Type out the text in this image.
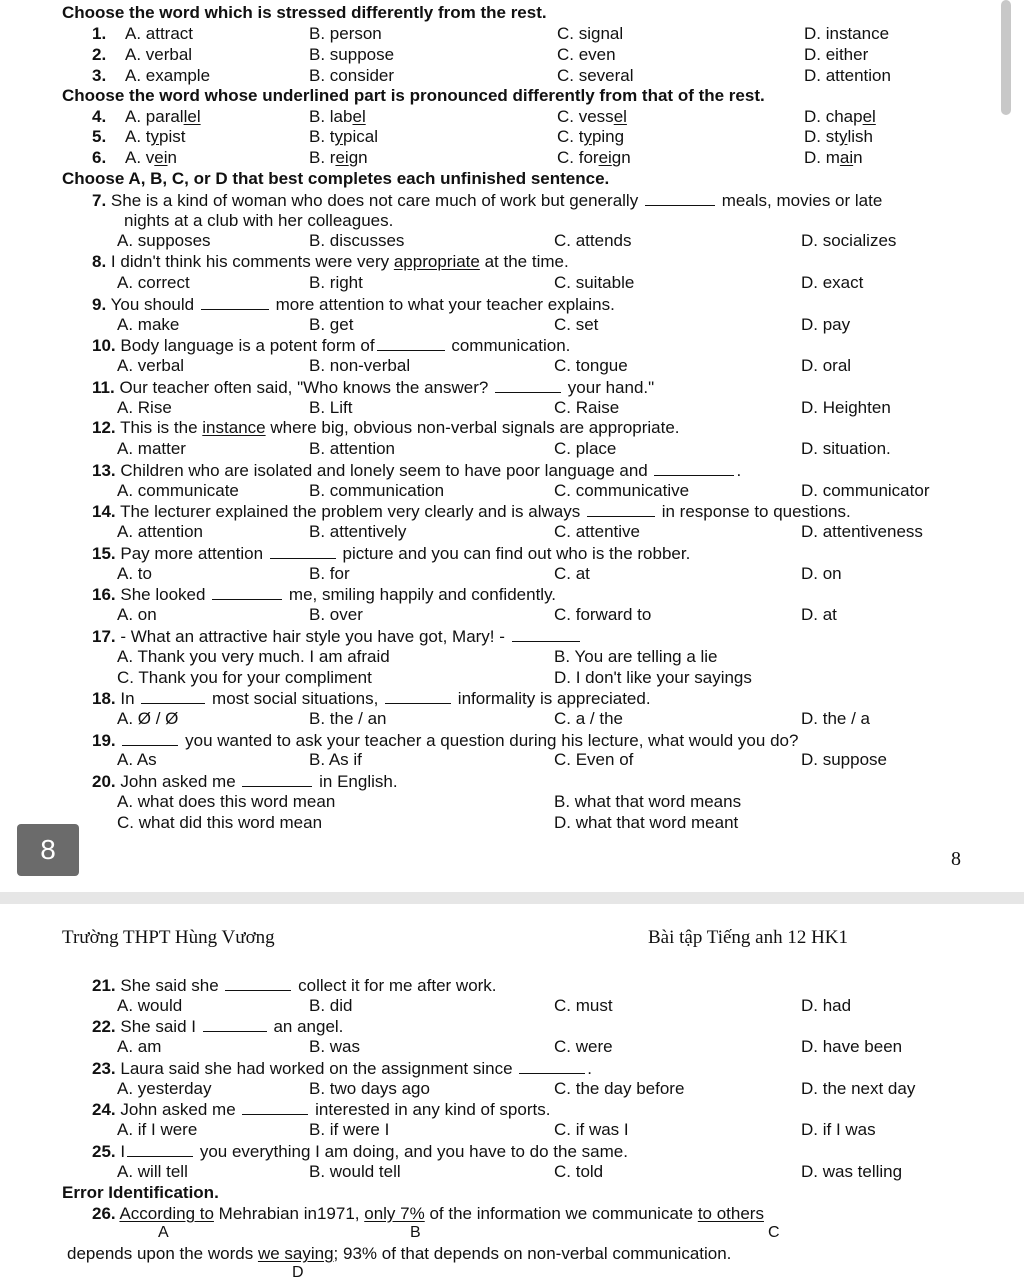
Choose the word which is stressed differently from the rest.
1. A. attract	B. person	C. signal	D. instance
2. A. verbal	B. suppose	C. even	D. either
3. A. example	B. consider	C. several	D. attention
Choose the word whose underlined part is pronounced differently from that of the rest.
4. A. parallel	B. label	C. vessel	D. chapel
5. A. typist	B. typical	C. typing	D. stylish
6. A. vein	B. reign	C. foreign	D. main
Choose A, B, C, or D that best completes each unfinished sentence.
7. She is a kind of woman who does not care much of work but generally	meals, movies or late
nights at a club with her colleagues.
A. supposes	B. discusses	C. attends	D. socializes
8. I didn't think his comments were very appropriate at the time.
A. correct	B. right	C. suitable	D. exact
9. You should	more attention to what your teacher explains.
A. make	B. get	C. set	D. pay
10. Body language is a potent form of	communication.
A. verbal	B. non-verbal	C. tongue	D. oral
11. Our teacher often said, "Who knows the answer?	your hand."
A. Rise	B. Lift	C. Raise	D. Heighten
12. This is the instance where big, obvious non-verbal signals are appropriate.
A. matter	B. attention	C. place	D. situation.
13. Children who are isolated and lonely seem to have poor language and	.
A. communicate	B. communication	C. communicative	D. communicator
14. The lecturer explained the problem very clearly and is always	in response to questions.
A. attention	B. attentively	C. attentive	D. attentiveness
15. Pay more attention	picture and you can find out who is the robber.
A. to	B. for	C. at	D. on
16. She looked	me, smiling happily and confidently.
A. on	B. over	C. forward to	D. at
17. - What an attractive hair style you have got, Mary! -
A. Thank you very much. I am afraid	B. You are telling a lie
C. Thank you for your compliment	D. I don't like your sayings
18. In	most social situations,	informality is appreciated.
A. Ø / Ø	B. the / an	C. a / the	D. the / a
19.	you wanted to ask your teacher a question during his lecture, what would you do?
A. As	B. As if	C. Even of	D. suppose
20. John asked me	in English.
A. what does this word mean	B. what that word means
C. what did this word mean	D. what that word meant
8	8
Trường THPT Hùng Vương	Bài tập Tiếng anh 12 HK1
21. She said she	collect it for me after work.
A. would	B. did	C. must	D. had
22. She said I	an angel.
A. am	B. was	C. were	D. have been
23. Laura said she had worked on the assignment since	.
A. yesterday	B. two days ago	C. the day before	D. the next day
24. John asked me	interested in any kind of sports.
A. if I were	B. if were I	C. if was I	D. if I was
25. I	you everything I am doing, and you have to do the same.
A. will tell	B. would tell	C. told	D. was telling
Error Identification.
26. According to Mehrabian in1971, only 7% of the information we communicate to others
A	B	C
depends upon the words we saying; 93% of that depends on non-verbal communication.
D
